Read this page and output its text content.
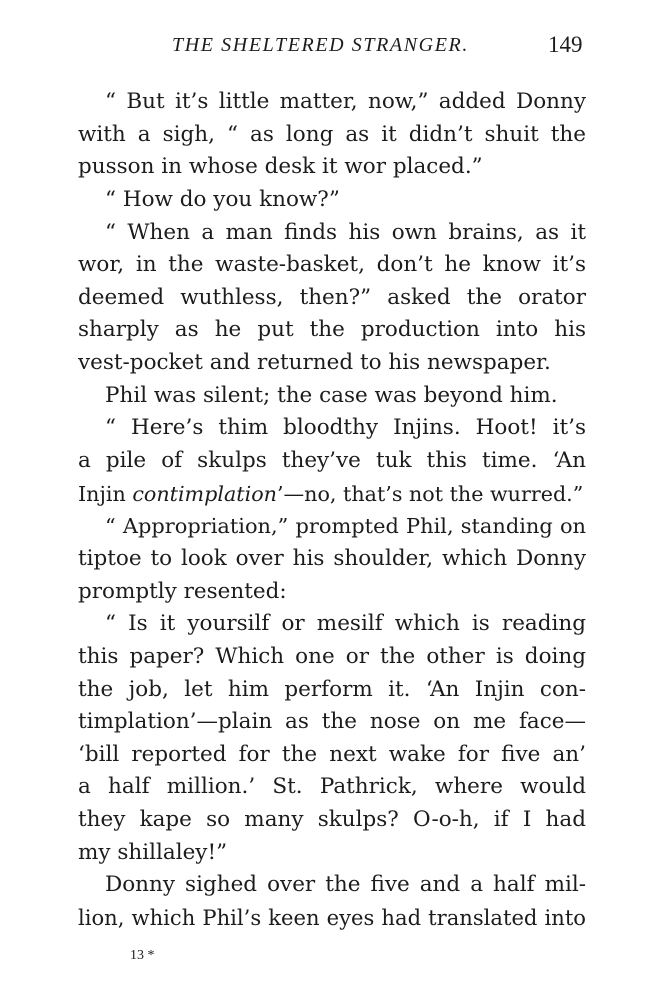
THE SHELTERED STRANGER.	149
“ But it’s little matter, now,” added Donny
with a sigh, “ as long as it didn’t shuit the
pusson in whose desk it wor placed.”
“ How do you know?”
“ When a man finds his own brains, as it
wor, in the waste-basket, don’t he know it’s
deemed wuthless, then?” asked the orator
sharply as he put the production into his
vest-pocket and returned to his newspaper.
Phil was silent; the case was beyond him.
“ Here’s thim bloodthy Injins. Hoot! it’s
a pile of skulps they’ve tuk this time. ‘An
Injin contimplation’—no, that’s not the wurred.”
“ Appropriation,” prompted Phil, standing on
tiptoe to look over his shoulder, which Donny
promptly resented:
“ Is it yoursilf or mesilf which is reading
this paper? Which one or the other is doing
the job, let him perform it. ‘An Injin con-
timplation’—plain as the nose on me face—
‘bill reported for the next wake for five an’
a half million.’ St. Pathrick, where would
they kape so many skulps? O-o-h, if I had
my shillaley!”
Donny sighed over the five and a half mil-
lion, which Phil’s keen eyes had translated into
13 *
